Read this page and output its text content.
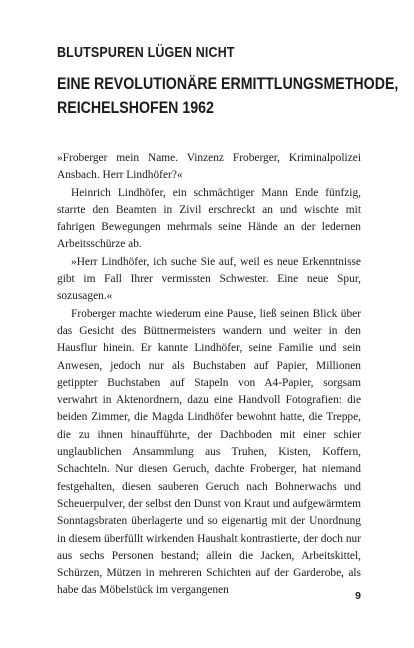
BLUTSPUREN LÜGEN NICHT
EINE REVOLUTIONÄRE ERMITTLUNGSMETHODE,
REICHELSHOFEN 1962

»Froberger mein Name. Vinzenz Froberger, Kriminalpolizei Ansbach. Herr Lindhöfer?«

Heinrich Lindhöfer, ein schmächtiger Mann Ende fünfzig, starrte den Beamten in Zivil erschreckt an und wischte mit fahrigen Bewegungen mehrmals seine Hände an der ledernen Arbeitsschürze ab.

»Herr Lindhöfer, ich suche Sie auf, weil es neue Erkenntnisse gibt im Fall Ihrer vermissten Schwester. Eine neue Spur, sozusagen.«

Froberger machte wiederum eine Pause, ließ seinen Blick über das Gesicht des Büttnermeisters wandern und weiter in den Hausflur hinein. Er kannte Lindhöfer, seine Familie und sein Anwesen, jedoch nur als Buchstaben auf Papier, Millionen getippter Buchstaben auf Stapeln von A4-Papier, sorgsam verwahrt in Aktenordnern, dazu eine Handvoll Fotografien: die beiden Zimmer, die Magda Lindhöfer bewohnt hatte, die Treppe, die zu ihnen hinaufführte, der Dachboden mit einer schier unglaublichen Ansammlung aus Truhen, Kisten, Koffern, Schachteln. Nur diesen Geruch, dachte Froberger, hat niemand festgehalten, diesen sauberen Geruch nach Bohnerwachs und Scheuerpulver, der selbst den Dunst von Kraut und aufgewärmtem Sonntagsbraten überlagerte und so eigenartig mit der Unordnung in diesem überfüllt wirkenden Haushalt kontrastierte, der doch nur aus sechs Personen bestand; allein die Jacken, Arbeitskittel, Schürzen, Mützen in mehreren Schichten auf der Garderobe, als habe das Möbelstück im vergangenen	9
